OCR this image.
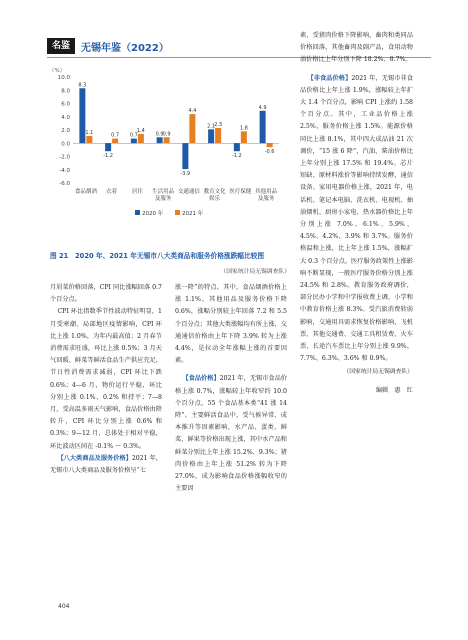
名鉴	无锡年鉴（2022）
（%）
10.0
8.0
6.0
4.0
2.0
0.0
-2.0
-4.0
-6.0
8.3
1.1
食品烟酒
-1.2
0.7
衣着
0.7
1.4
居住
0.9 0.9
生活用品
及服务
-3.9
4.4
交通通信
2.1 2.3
教育文化
娱乐
-1.2
1.8
医疗保健
4.9
-0.6
其他用品
及服务
2020 年	2021 年
图 21　2020 年、2021 年无锡市八大类商品和服务价格涨跌幅比较图
（国家统计局无锡调查队）

月屑菜价格回落，CPI 同比涨幅回落 0.7 个百分点。

CPI 环比指数季节性波动特征明显，1 月受寒潮、局部地区疫情影响，CPI 环比上涨 1.0%，为年内最高值；2 月春节消费需求旺盛，环比上涨 0.5%；3 月天气回暖、鲜菜等鲜活食品生产供应充足，节日性消费需求减弱，CPI 环比下跌 0.6%；4—6 月，物价运行平稳，环比分别上涨 0.1%、0.2% 和持平；7—8 月，受高温多雨天气影响，食品价格由降转升，CPI 环比分别上涨 0.6% 和 0.3%；9—12 月，总体处于相对平稳，环比波动区间在 -0.1% ～ 0.3%。

【八大类商品及服务价格】2021 年，无锡市八大类商品及服务价格呈“七

涨一降”的特点。其中，食品烟酒价格上涨 1.1%，其他用品及服务价格下降 0.6%，涨幅分别较上年回落 7.2 和 5.5 个百分点；其他大类涨幅均有所上涨，交通通信价格由上年下降 3.9% 转为上涨 4.4%，是拉动全年涨幅上涨的首要因素。

【食品价格】2021 年，无锡市食品价格上涨 0.7%，涨幅较上年收窄约 10.0 个百分点，55 个食品基本类“41 涨 14 降”。主要鲜活食品中，受气候异常、成本推升等因素影响，水产品、蛋类、鲜菜、鲜果等价格出现上涨，其中水产品和鲜菜分别比上年上涨 15.2%、9.3%；猪肉价格由上年上涨 51.2% 转为下降 27.0%，成为影响食品价格涨幅收窄的主要因

素，受猪肉价格下降影响，畜肉和类同品价格回落，其他畜肉及副产品，食用动物油价格比上年分别下降 18.2%、8.7%。

【非食品价格】2021 年，无锡市非食品价格比上年上涨 1.9%，涨幅较上年扩大 1.4 个百分点，影响 CPI 上涨约 1.58 个百分点。其中，工业品价格上涨 2.5%，服务价格上涨 1.5%。能源价格同比上涨 8.1%，其中四大成品油 21 次调价，“15 涨 6 降”，汽油、柴油价格比上年分别上涨 17.5% 和 19.4%。芯片短缺、原材料涨价等影响持续发酵，通信设备、家用电器价格上涨，2021 年，电话机、笔记本电脑、洗衣机、电视机、抽油烟机、厨房小家电、热水器价格比上年分别上涨 7.0%、6.1%、5.9%、4.5%、4.2%、3.9% 和 3.7%。服务价格温和上涨，比上年上涨 1.5%，涨幅扩大 0.3 个百分点。医疗服务政策性上涨影响不断显现，一般医疗服务价格分别上涨 24.5% 和 2.8%。教育服务政府调价，部分民办小学和中学报收费上调，小学和中教育价格上涨 8.3%。受汽旅消费转弱影响，交通用具需求恢复价格影响，飞机票、其他交通费、交通工具租赁费、火车票、长途汽车票比上年分别上涨 9.9%、7.7%、6.3%、3.6% 和 0.9%。

（国家统计局无锡调查队）
编辑　惠　红
404
